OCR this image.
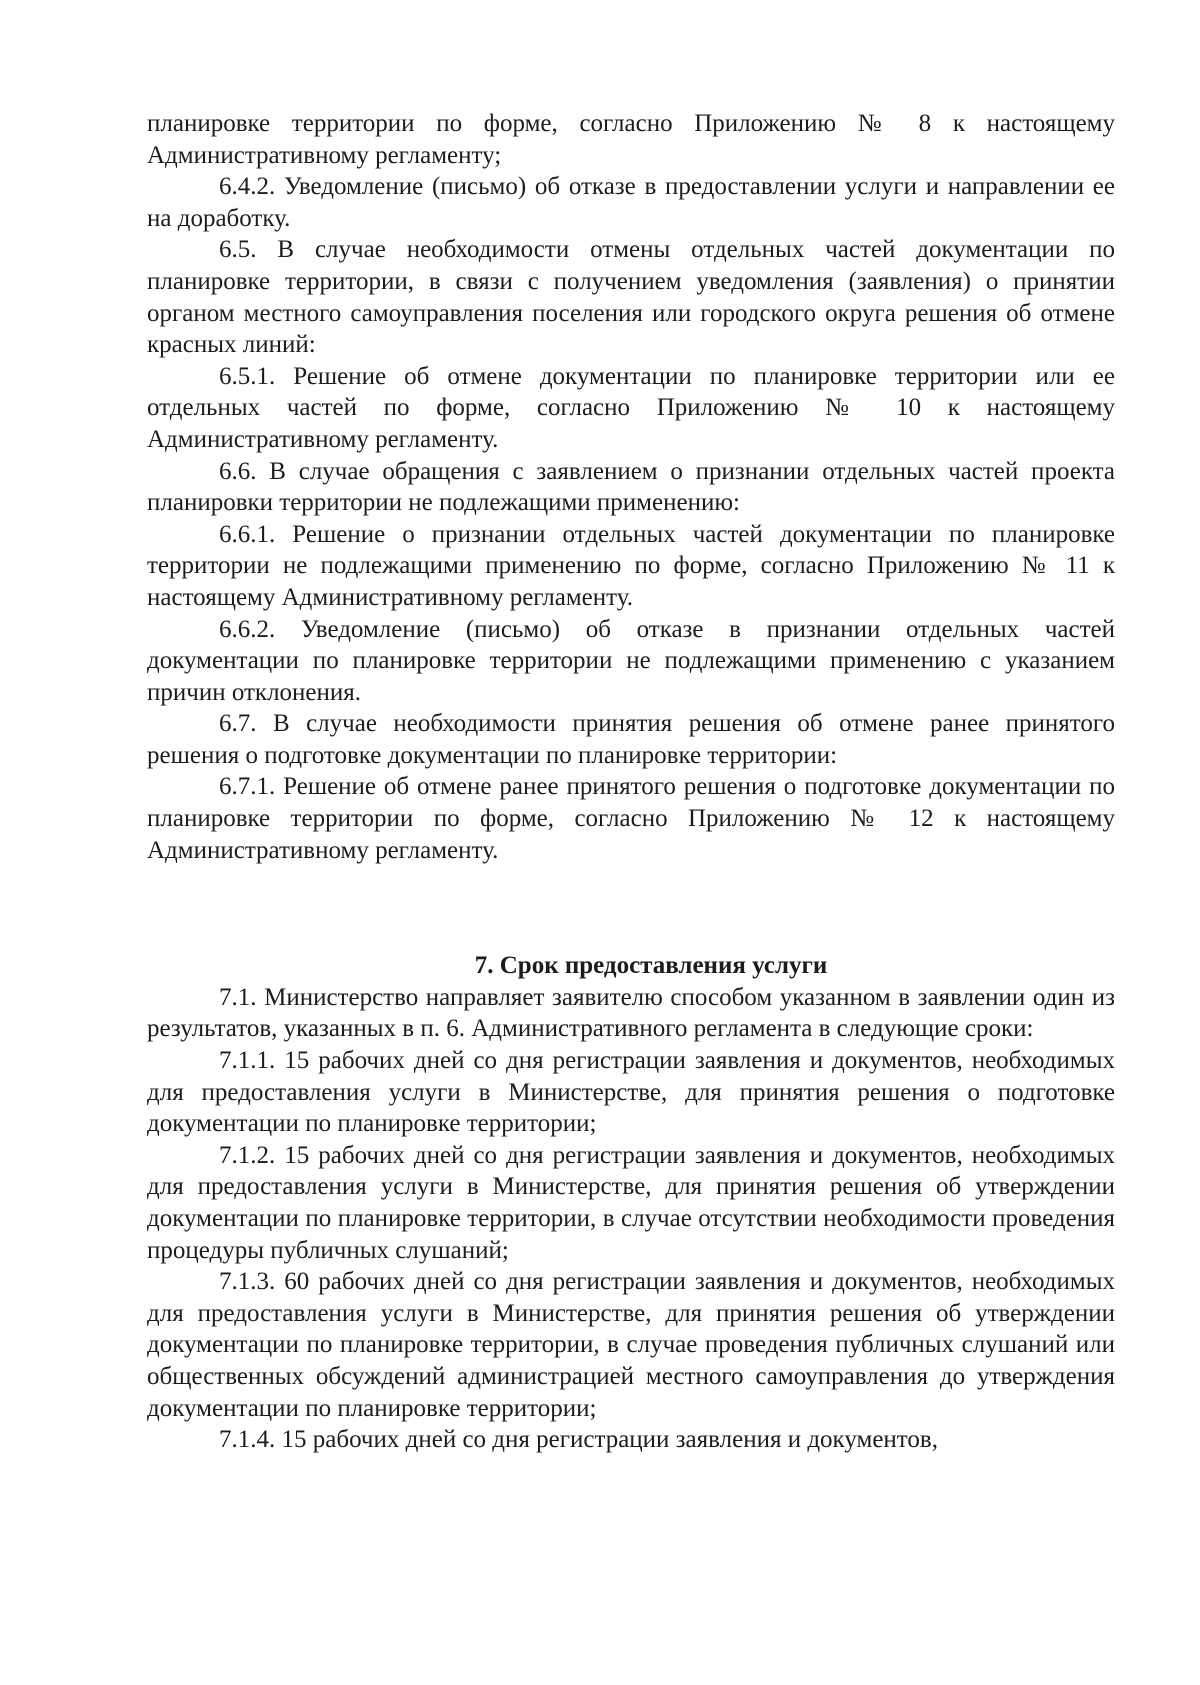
планировке территории по форме, согласно Приложению № 8 к настоящему Административному регламенту;

6.4.2. Уведомление (письмо) об отказе в предоставлении услуги и направлении ее на доработку.

6.5. В случае необходимости отмены отдельных частей документации по планировке территории, в связи с получением уведомления (заявления) о принятии органом местного самоуправления поселения или городского округа решения об отмене красных линий:

6.5.1. Решение об отмене документации по планировке территории или ее отдельных частей по форме, согласно Приложению № 10 к настоящему Административному регламенту.

6.6. В случае обращения с заявлением о признании отдельных частей проекта планировки территории не подлежащими применению:

6.6.1. Решение о признании отдельных частей документации по планировке территории не подлежащими применению по форме, согласно Приложению № 11 к настоящему Административному регламенту.

6.6.2. Уведомление (письмо) об отказе в признании отдельных частей документации по планировке территории не подлежащими применению с указанием причин отклонения.

6.7. В случае необходимости принятия решения об отмене ранее принятого решения о подготовке документации по планировке территории:

6.7.1. Решение об отмене ранее принятого решения о подготовке документации по планировке территории по форме, согласно Приложению № 12 к настоящему Административному регламенту.

7. Срок предоставления услуги

7.1. Министерство направляет заявителю способом указанном в заявлении один из результатов, указанных в п. 6. Административного регламента в следующие сроки:

7.1.1. 15 рабочих дней со дня регистрации заявления и документов, необходимых для предоставления услуги в Министерстве, для принятия решения о подготовке документации по планировке территории;

7.1.2. 15 рабочих дней со дня регистрации заявления и документов, необходимых для предоставления услуги в Министерстве, для принятия решения об утверждении документации по планировке территории, в случае отсутствии необходимости проведения процедуры публичных слушаний;

7.1.3. 60 рабочих дней со дня регистрации заявления и документов, необходимых для предоставления услуги в Министерстве, для принятия решения об утверждении документации по планировке территории, в случае проведения публичных слушаний или общественных обсуждений администрацией местного самоуправления до утверждения документации по планировке территории;

7.1.4. 15 рабочих дней со дня регистрации заявления и документов,
